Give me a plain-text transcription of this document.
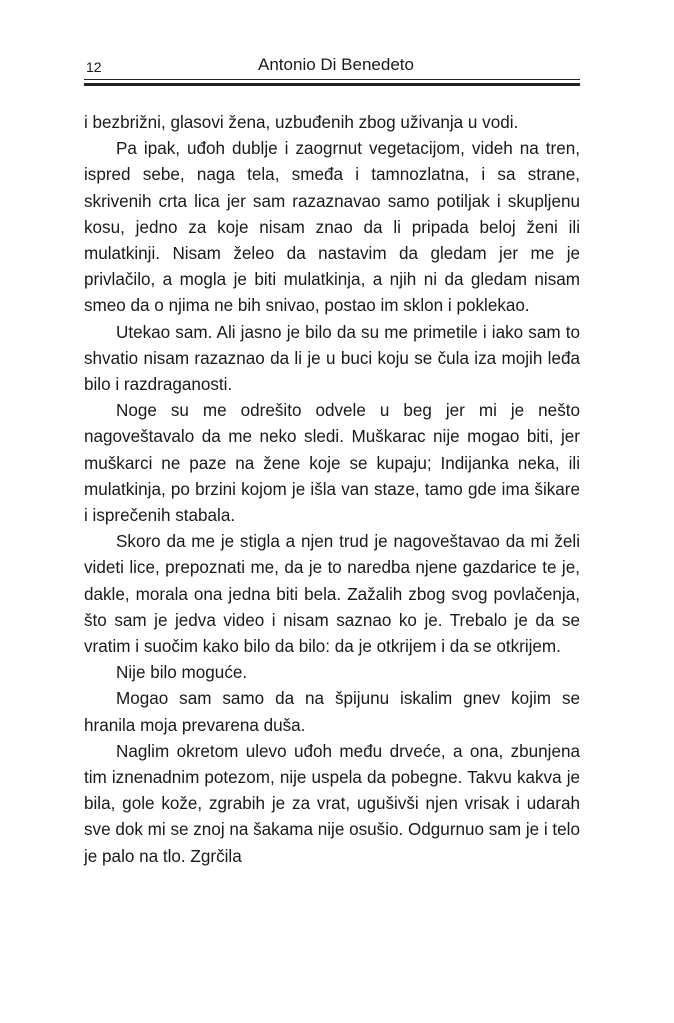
12	Antonio Di Benedeto

i bezbrižni, glasovi žena, uzbuđenih zbog uživanja u vodi.

Pa ipak, uđoh dublje i zaogrnut vegetacijom, videh na tren, ispred sebe, naga tela, smeđa i tamnozlatna, i sa strane, skrivenih crta lica jer sam razaznavao samo potiljak i skupljenu kosu, jedno za koje nisam znao da li pripada beloj ženi ili mulatkinji. Nisam želeo da nastavim da gledam jer me je privlačilo, a mogla je biti mulatkinja, a njih ni da gledam nisam smeo da o njima ne bih snivao, postao im sklon i poklekao.

Utekao sam. Ali jasno je bilo da su me primetile i iako sam to shvatio nisam razaznao da li je u buci koju se čula iza mojih leđa bilo i razdraganosti.

Noge su me odrešito odvele u beg jer mi je nešto nagoveštavalo da me neko sledi. Muškarac nije mogao biti, jer muškarci ne paze na žene koje se kupaju; Indijanka neka, ili mulatkinja, po brzini kojom je išla van staze, tamo gde ima šikare i isprečenih stabala.

Skoro da me je stigla a njen trud je nagoveštavao da mi želi videti lice, prepoznati me, da je to naredba njene gazdarice te je, dakle, morala ona jedna biti bela. Zažalih zbog svog povlačenja, što sam je jedva video i nisam saznao ko je. Trebalo je da se vratim i suočim kako bilo da bilo: da je otkrijem i da se otkrijem.

Nije bilo moguće.

Mogao sam samo da na špijunu iskalim gnev kojim se hranila moja prevarena duša.

Naglim okretom ulevo uđoh među drveće, a ona, zbunjena tim iznenadnim potezom, nije uspela da pobegne. Takvu kakva je bila, gole kože, zgrabih je za vrat, ugušivši njen vrisak i udarah sve dok mi se znoj na šakama nije osušio. Odgurnuo sam je i telo je palo na tlo. Zgrčila
